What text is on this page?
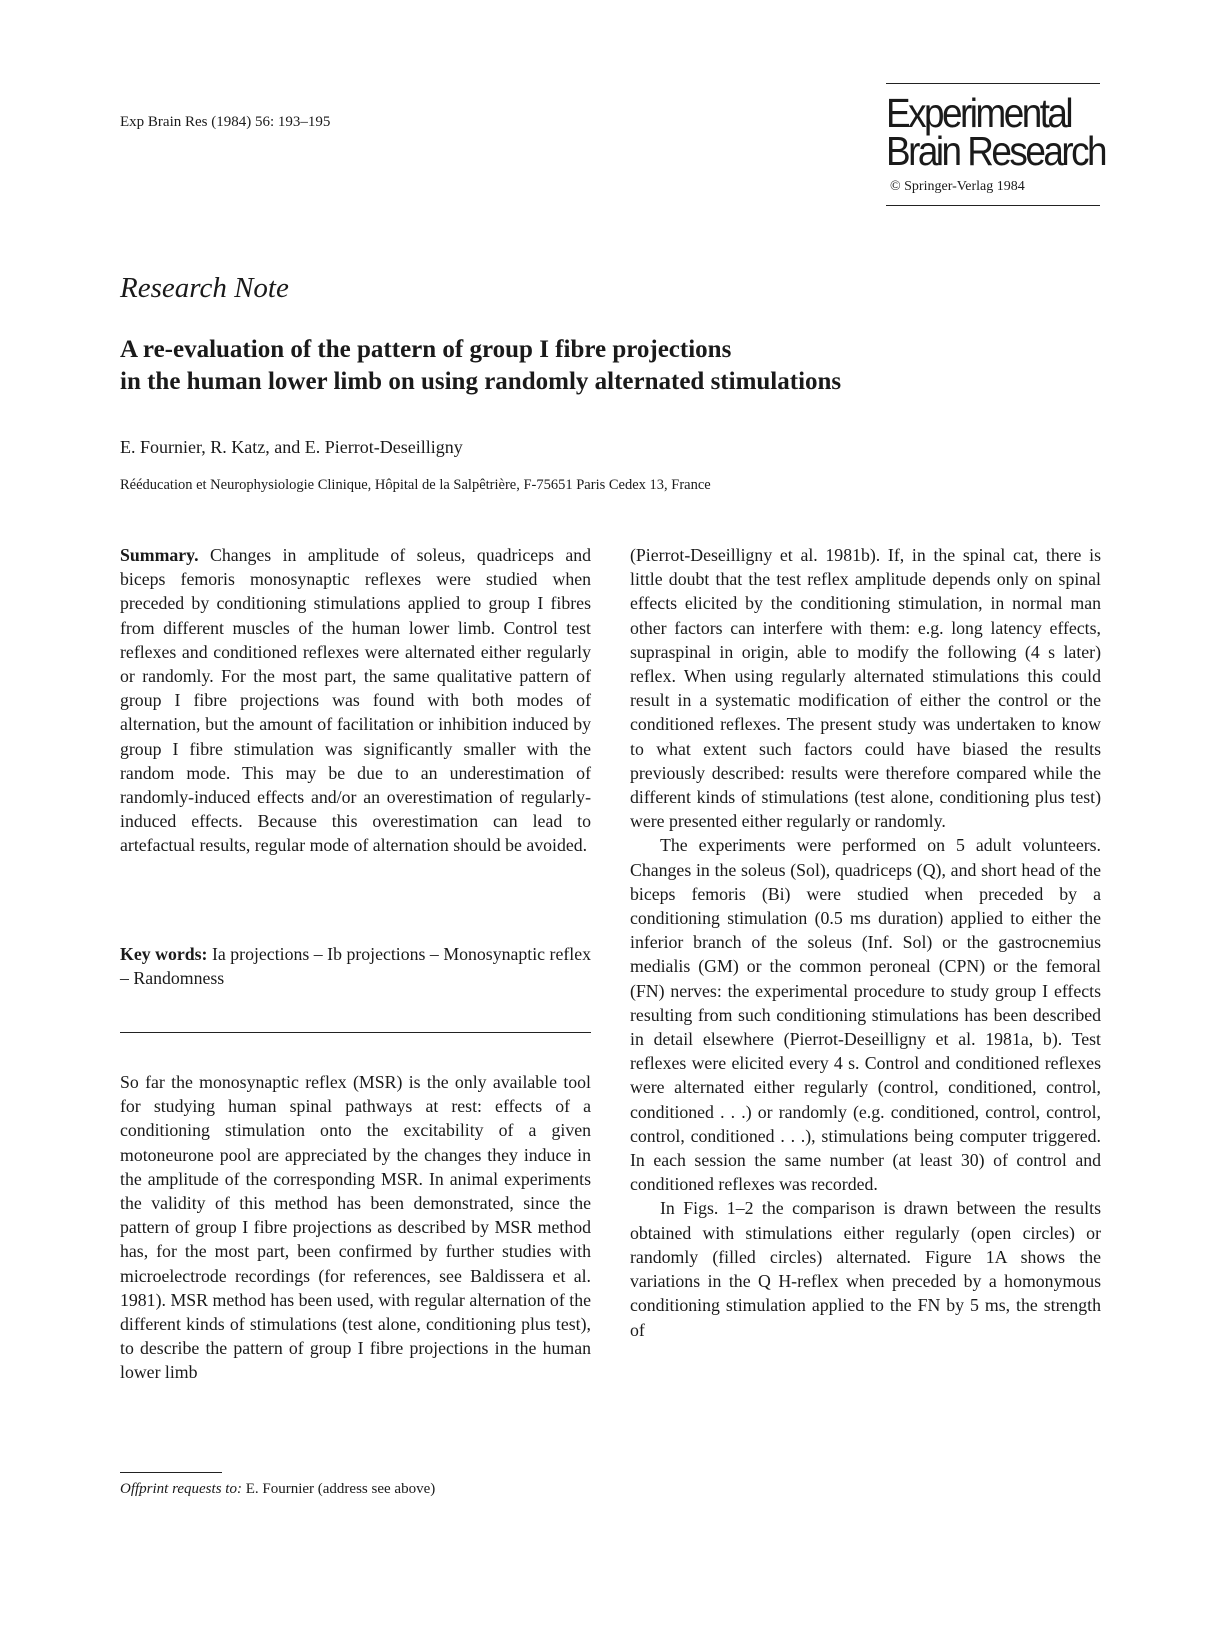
Exp Brain Res (1984) 56: 193–195	Experimental
Brain Research
© Springer-Verlag 1984
Research Note
A re-evaluation of the pattern of group I fibre projections
in the human lower limb on using randomly alternated stimulations
E. Fournier, R. Katz, and E. Pierrot-Deseilligny
Rééducation et Neurophysiologie Clinique, Hôpital de la Salpêtrière, F-75651 Paris Cedex 13, France

Summary. Changes in amplitude of soleus, quadriceps and biceps femoris monosynaptic reflexes were studied when preceded by conditioning stimulations applied to group I fibres from different muscles of the human lower limb. Control test reflexes and conditioned reflexes were alternated either regularly or randomly. For the most part, the same qualitative pattern of group I fibre projections was found with both modes of alternation, but the amount of facilitation or inhibition induced by group I fibre stimulation was significantly smaller with the random mode. This may be due to an underestimation of randomly-induced effects and/or an overestimation of regularly-induced effects. Because this overestimation can lead to artefactual results, regular mode of alternation should be avoided.

Key words: Ia projections – Ib projections – Monosynaptic reflex – Randomness

So far the monosynaptic reflex (MSR) is the only available tool for studying human spinal pathways at rest: effects of a conditioning stimulation onto the excitability of a given motoneurone pool are appreciated by the changes they induce in the amplitude of the corresponding MSR. In animal experiments the validity of this method has been demonstrated, since the pattern of group I fibre projections as described by MSR method has, for the most part, been confirmed by further studies with microelectrode recordings (for references, see Baldissera et al. 1981). MSR method has been used, with regular alternation of the different kinds of stimulations (test alone, conditioning plus test), to describe the pattern of group I fibre projections in the human lower limb

(Pierrot-Deseilligny et al. 1981b). If, in the spinal cat, there is little doubt that the test reflex amplitude depends only on spinal effects elicited by the conditioning stimulation, in normal man other factors can interfere with them: e.g. long latency effects, supraspinal in origin, able to modify the following (4 s later) reflex. When using regularly alternated stimulations this could result in a systematic modification of either the control or the conditioned reflexes. The present study was undertaken to know to what extent such factors could have biased the results previously described: results were therefore compared while the different kinds of stimulations (test alone, conditioning plus test) were presented either regularly or randomly.

The experiments were performed on 5 adult volunteers. Changes in the soleus (Sol), quadriceps (Q), and short head of the biceps femoris (Bi) were studied when preceded by a conditioning stimulation (0.5 ms duration) applied to either the inferior branch of the soleus (Inf. Sol) or the gastrocnemius medialis (GM) or the common peroneal (CPN) or the femoral (FN) nerves: the experimental procedure to study group I effects resulting from such conditioning stimulations has been described in detail elsewhere (Pierrot-Deseilligny et al. 1981a, b). Test reflexes were elicited every 4 s. Control and conditioned reflexes were alternated either regularly (control, conditioned, control, conditioned . . .) or randomly (e.g. conditioned, control, control, control, conditioned . . .), stimulations being computer triggered. In each session the same number (at least 30) of control and conditioned reflexes was recorded.

In Figs. 1–2 the comparison is drawn between the results obtained with stimulations either regularly (open circles) or randomly (filled circles) alternated. Figure 1A shows the variations in the Q H-reflex when preceded by a homonymous conditioning stimulation applied to the FN by 5 ms, the strength of

Offprint requests to: E. Fournier (address see above)
